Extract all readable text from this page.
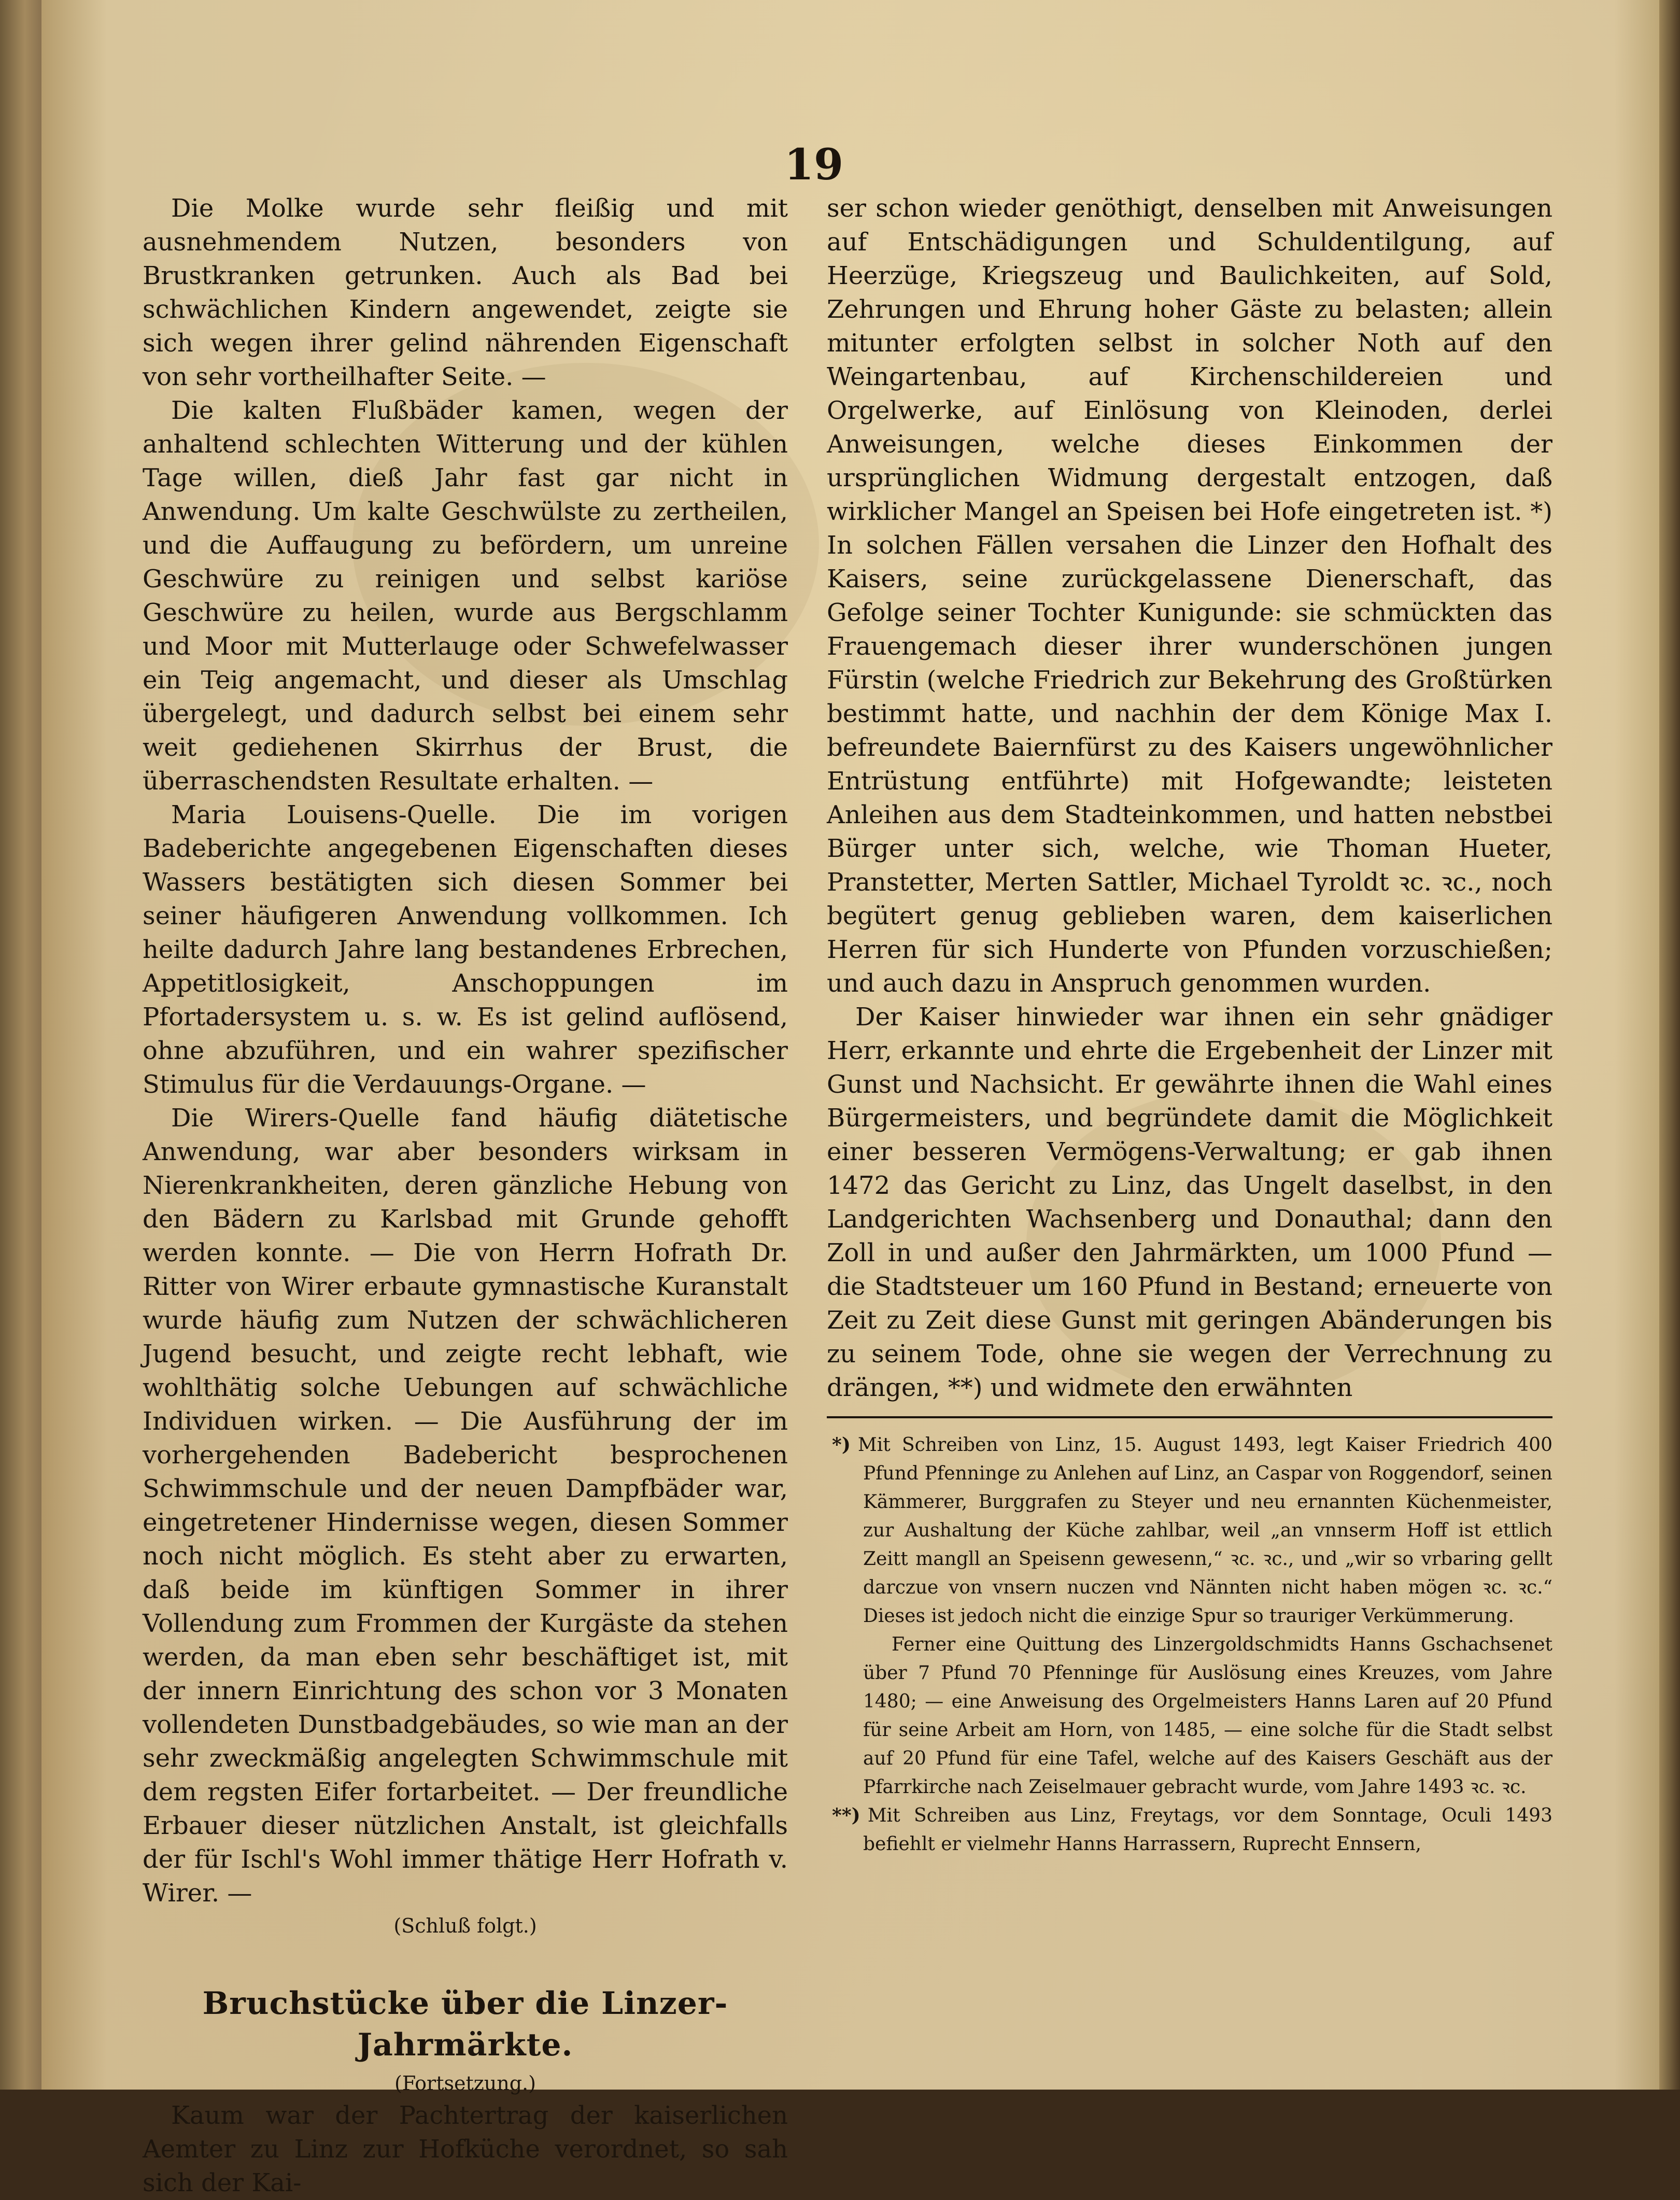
19

Die Molke wurde sehr fleißig und mit ausnehmendem Nutzen, besonders von Brustkranken getrunken. Auch als Bad bei schwächlichen Kindern angewendet, zeigte sie sich wegen ihrer gelind nährenden Eigenschaft von sehr vortheilhafter Seite. —

Die kalten Flußbäder kamen, wegen der anhaltend schlechten Witterung und der kühlen Tage willen, dieß Jahr fast gar nicht in Anwendung. Um kalte Geschwülste zu zertheilen, und die Auffaugung zu befördern, um unreine Geschwüre zu reinigen und selbst kariöse Geschwüre zu heilen, wurde aus Bergschlamm und Moor mit Mutterlauge oder Schwefelwasser ein Teig angemacht, und dieser als Umschlag übergelegt, und dadurch selbst bei einem sehr weit gediehenen Skirrhus der Brust, die überraschendsten Resultate erhalten. —

Maria Louisens-Quelle. Die im vorigen Badeberichte angegebenen Eigenschaften dieses Wassers bestätigten sich diesen Sommer bei seiner häufigeren Anwendung vollkommen. Ich heilte dadurch Jahre lang bestandenes Erbrechen, Appetitlosigkeit, Anschoppungen im Pfortadersystem u. s. w. Es ist gelind auflösend, ohne abzuführen, und ein wahrer spezifischer Stimulus für die Verdauungs-Organe. —

Die Wirers-Quelle fand häufig diätetische Anwendung, war aber besonders wirksam in Nierenkrankheiten, deren gänzliche Hebung von den Bädern zu Karlsbad mit Grunde gehofft werden konnte. — Die von Herrn Hofrath Dr. Ritter von Wirer erbaute gymnastische Kuranstalt wurde häufig zum Nutzen der schwächlicheren Jugend besucht, und zeigte recht lebhaft, wie wohlthätig solche Uebungen auf schwächliche Individuen wirken. — Die Ausführung der im vorhergehenden Badebericht besprochenen Schwimmschule und der neuen Dampfbäder war, eingetretener Hindernisse wegen, diesen Sommer noch nicht möglich. Es steht aber zu erwarten, daß beide im künftigen Sommer in ihrer Vollendung zum Frommen der Kurgäste da stehen werden, da man eben sehr beschäftiget ist, mit der innern Einrichtung des schon vor 3 Monaten vollendeten Dunstbadgebäudes, so wie man an der sehr zweckmäßig angelegten Schwimmschule mit dem regsten Eifer fortarbeitet. — Der freundliche Erbauer dieser nützlichen Anstalt, ist gleichfalls der für Ischl's Wohl immer thätige Herr Hofrath v. Wirer. —

(Schluß folgt.)

Bruchstücke über die Linzer-Jahrmärkte.

(Fortsetzung.)

Kaum war der Pachtertrag der kaiserlichen Aemter zu Linz zur Hofküche verordnet, so sah sich der Kai-

ser schon wieder genöthigt, denselben mit Anweisungen auf Entschädigungen und Schuldentilgung, auf Heerzüge, Kriegszeug und Baulichkeiten, auf Sold, Zehrungen und Ehrung hoher Gäste zu belasten; allein mitunter erfolgten selbst in solcher Noth auf den Weingartenbau, auf Kirchenschildereien und Orgelwerke, auf Einlösung von Kleinoden, derlei Anweisungen, welche dieses Einkommen der ursprünglichen Widmung dergestalt entzogen, daß wirklicher Mangel an Speisen bei Hofe eingetreten ist. *) In solchen Fällen versahen die Linzer den Hofhalt des Kaisers, seine zurückgelassene Dienerschaft, das Gefolge seiner Tochter Kunigunde: sie schmückten das Frauengemach dieser ihrer wunderschönen jungen Fürstin (welche Friedrich zur Bekehrung des Großtürken bestimmt hatte, und nachhin der dem Könige Max I. befreundete Baiernfürst zu des Kaisers ungewöhnlicher Entrüstung entführte) mit Hofgewandte; leisteten Anleihen aus dem Stadteinkommen, und hatten nebstbei Bürger unter sich, welche, wie Thoman Hueter, Pranstetter, Merten Sattler, Michael Tyroldt ꝛc. ꝛc., noch begütert genug geblieben waren, dem kaiserlichen Herren für sich Hunderte von Pfunden vorzuschießen; und auch dazu in Anspruch genommen wurden.

Der Kaiser hinwieder war ihnen ein sehr gnädiger Herr, erkannte und ehrte die Ergebenheit der Linzer mit Gunst und Nachsicht. Er gewährte ihnen die Wahl eines Bürgermeisters, und begründete damit die Möglichkeit einer besseren Vermögens-Verwaltung; er gab ihnen 1472 das Gericht zu Linz, das Ungelt daselbst, in den Landgerichten Wachsenberg und Donauthal; dann den Zoll in und außer den Jahrmärkten, um 1000 Pfund — die Stadtsteuer um 160 Pfund in Bestand; erneuerte von Zeit zu Zeit diese Gunst mit geringen Abänderungen bis zu seinem Tode, ohne sie wegen der Verrechnung zu drängen, **) und widmete den erwähnten

*) Mit Schreiben von Linz, 15. August 1493, legt Kaiser Friedrich 400 Pfund Pfenninge zu Anlehen auf Linz, an Caspar von Roggendorf, seinen Kämmerer, Burggrafen zu Steyer und neu ernannten Küchenmeister, zur Aushaltung der Küche zahlbar, weil „an vnnserm Hoff ist ettlich Zeitt mangll an Speisenn gewesenn,“ ꝛc. ꝛc., und „wir so vrbaring gellt darczue von vnsern nuczen vnd Nännten nicht haben mögen ꝛc. ꝛc.“ Dieses ist jedoch nicht die einzige Spur so trauriger Verkümmerung.

Ferner eine Quittung des Linzergoldschmidts Hanns Gschachsenet über 7 Pfund 70 Pfenninge für Auslösung eines Kreuzes, vom Jahre 1480; — eine Anweisung des Orgelmeisters Hanns Laren auf 20 Pfund für seine Arbeit am Horn, von 1485, — eine solche für die Stadt selbst auf 20 Pfund für eine Tafel, welche auf des Kaisers Geschäft aus der Pfarrkirche nach Zeiselmauer gebracht wurde, vom Jahre 1493 ꝛc. ꝛc.

**) Mit Schreiben aus Linz, Freytags, vor dem Sonntage, Oculi 1493 befiehlt er vielmehr Hanns Harrassern, Ruprecht Ennsern,
